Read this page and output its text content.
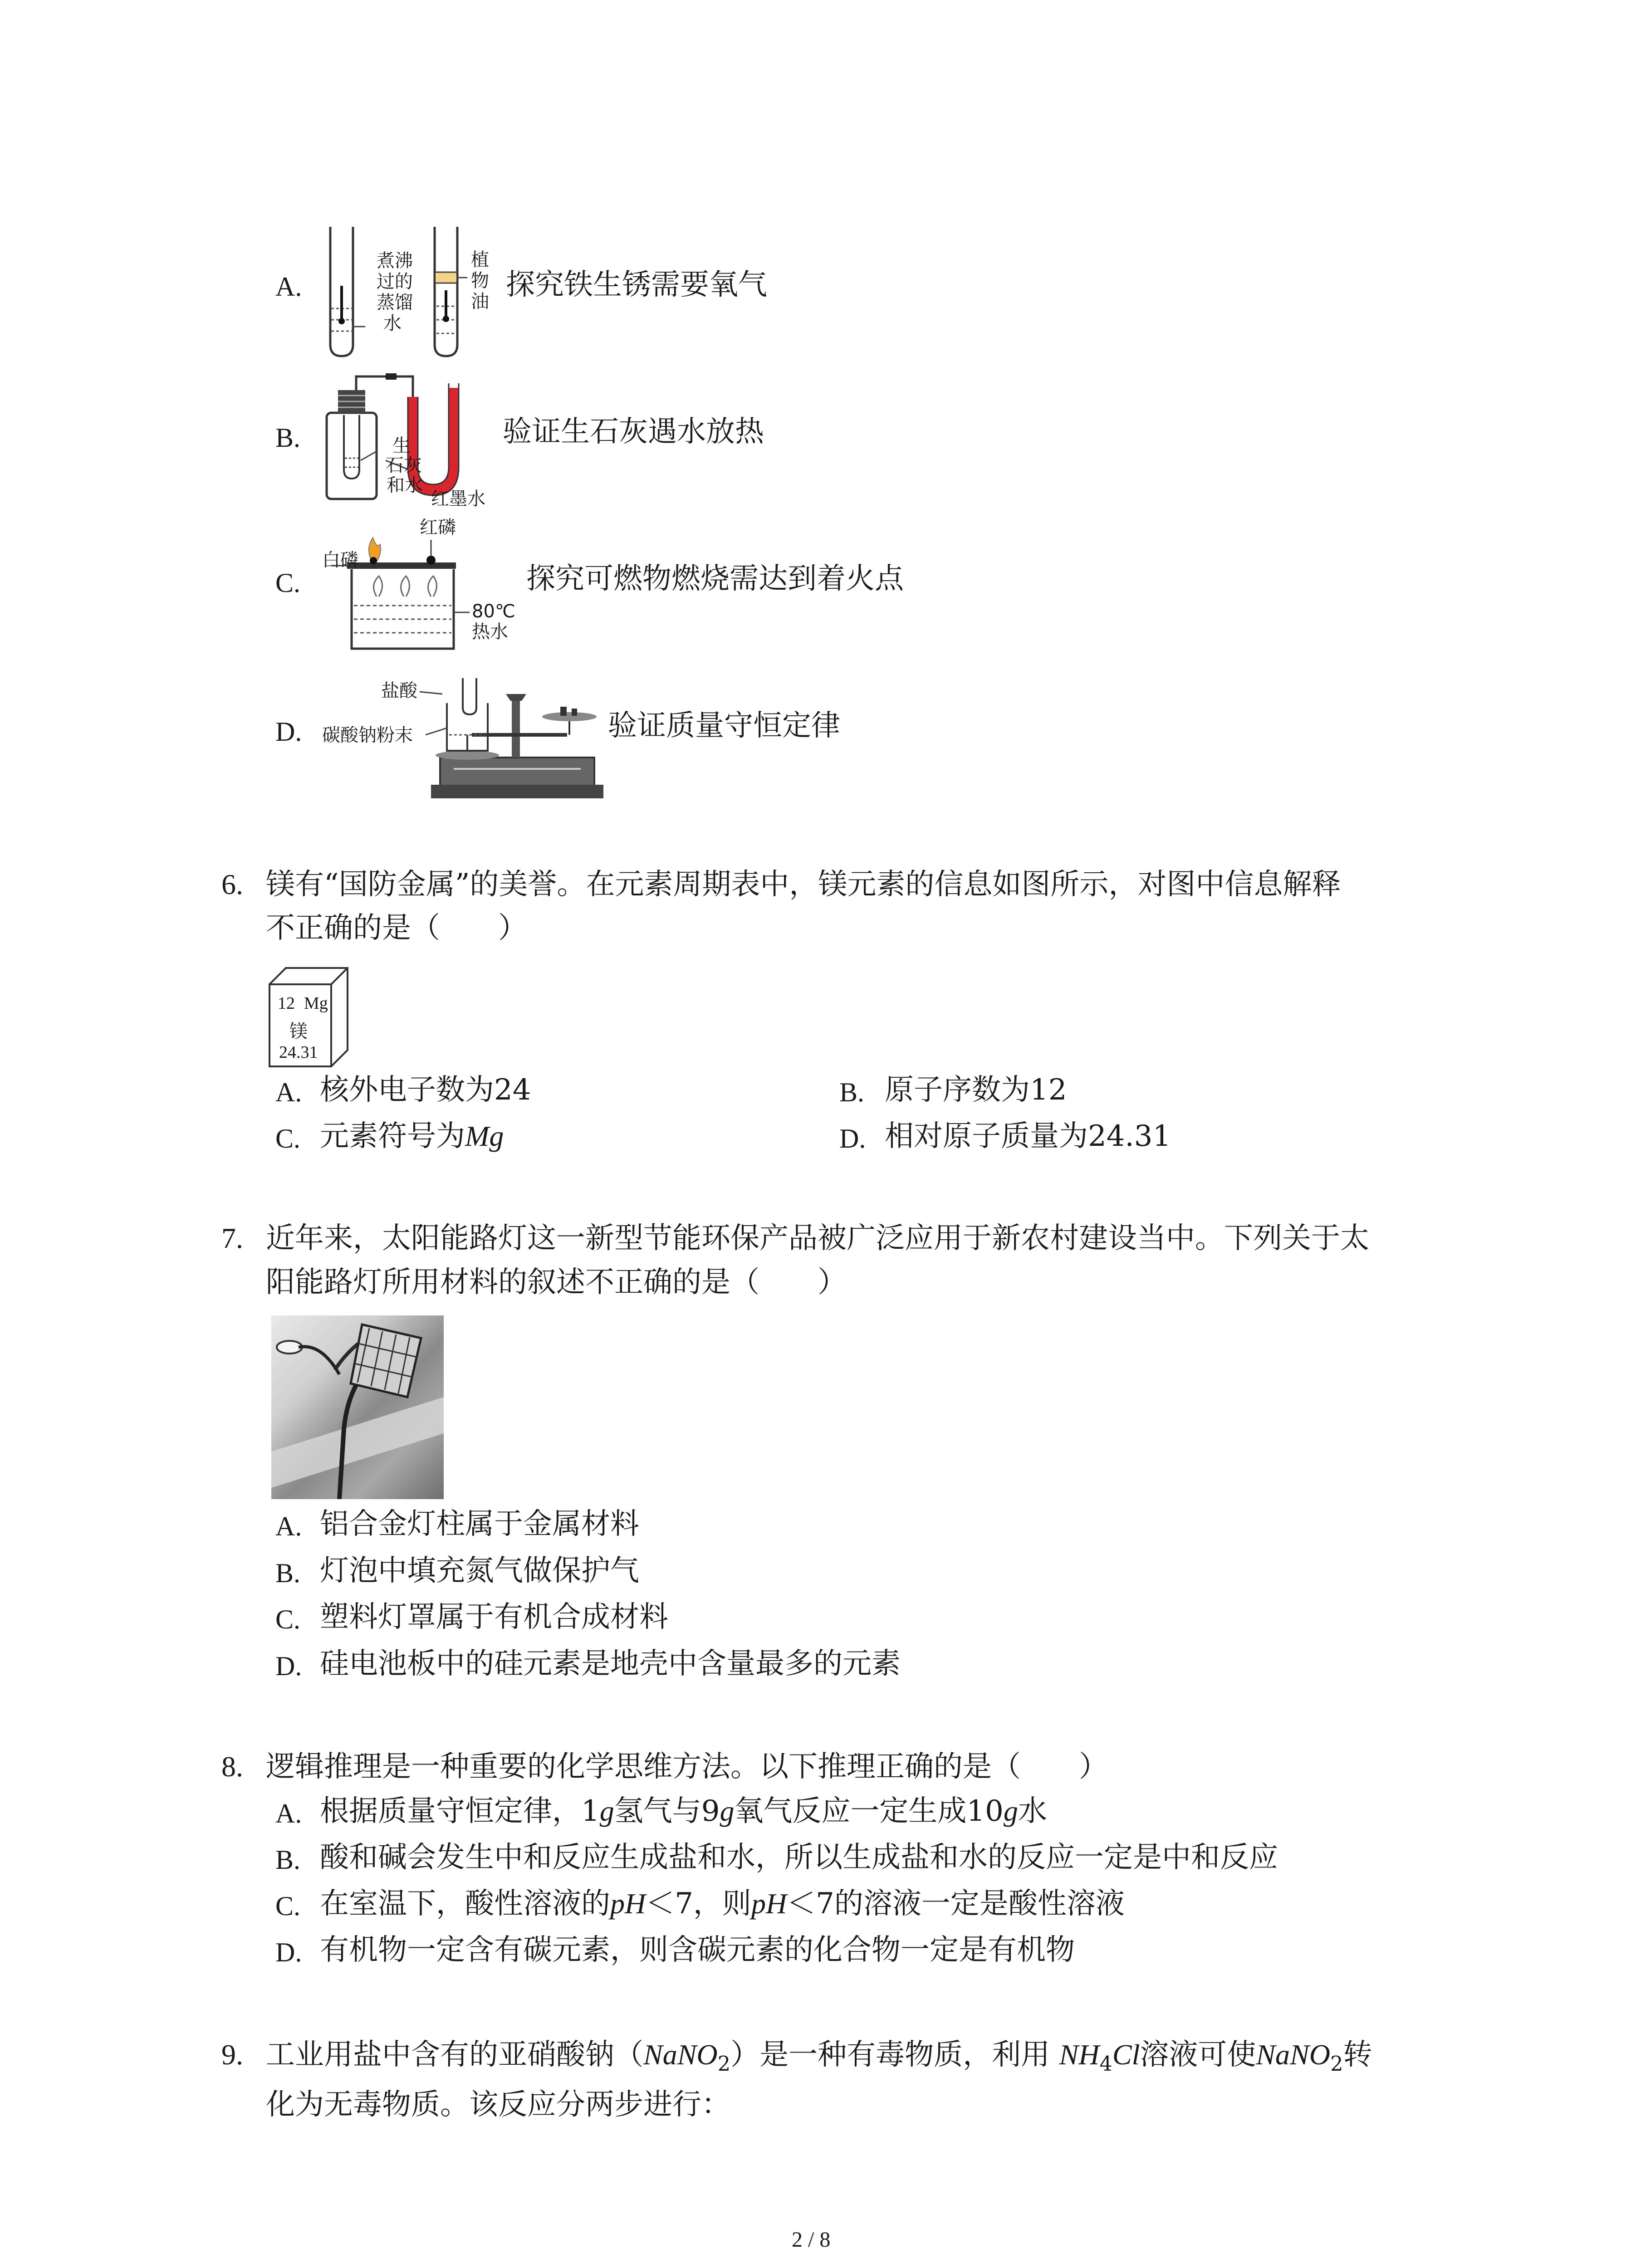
A.
煮沸
过的
蒸馏
水
植
物
油 探究铁生锈需要氧气
B.	生
石灰
和水
红墨水
验证生石灰遇水放热
C.
红磷
白磷
80℃
热水
探究可燃物燃烧需达到着火点
D.
盐酸
碳酸钠粉末	验证质量守恒定律
6. 镁有“国防金属”的美誉。在元素周期表中，镁元素的信息如图所示，对图中信息解释
不正确的是（　　）
12 Mg
镁
24.31
A. 核外电子数为24	B. 原子序数为12
C. 元素符号为Mg	D. 相对原子质量为24.31
7. 近年来，太阳能路灯这一新型节能环保产品被广泛应用于新农村建设当中。下列关于太
阳能路灯所用材料的叙述不正确的是（　　）
A. 铝合金灯柱属于金属材料
B. 灯泡中填充氮气做保护气
C. 塑料灯罩属于有机合成材料
D. 硅电池板中的硅元素是地壳中含量最多的元素
8. 逻辑推理是一种重要的化学思维方法。以下推理正确的是（　　）
A. 根据质量守恒定律，1g氢气与9g氧气反应一定生成10g水
B. 酸和碱会发生中和反应生成盐和水，所以生成盐和水的反应一定是中和反应
C. 在室温下，酸性溶液的pH＜7，则pH＜7的溶液一定是酸性溶液
D. 有机物一定含有碳元素，则含碳元素的化合物一定是有机物
9. 工业用盐中含有的亚硝酸钠（NaNO$_2$）是一种有毒物质，利用 $NH_4Cl$溶液可使NaNO$_2$转
化为无毒物质。该反应分两步进行：
2 / 8
